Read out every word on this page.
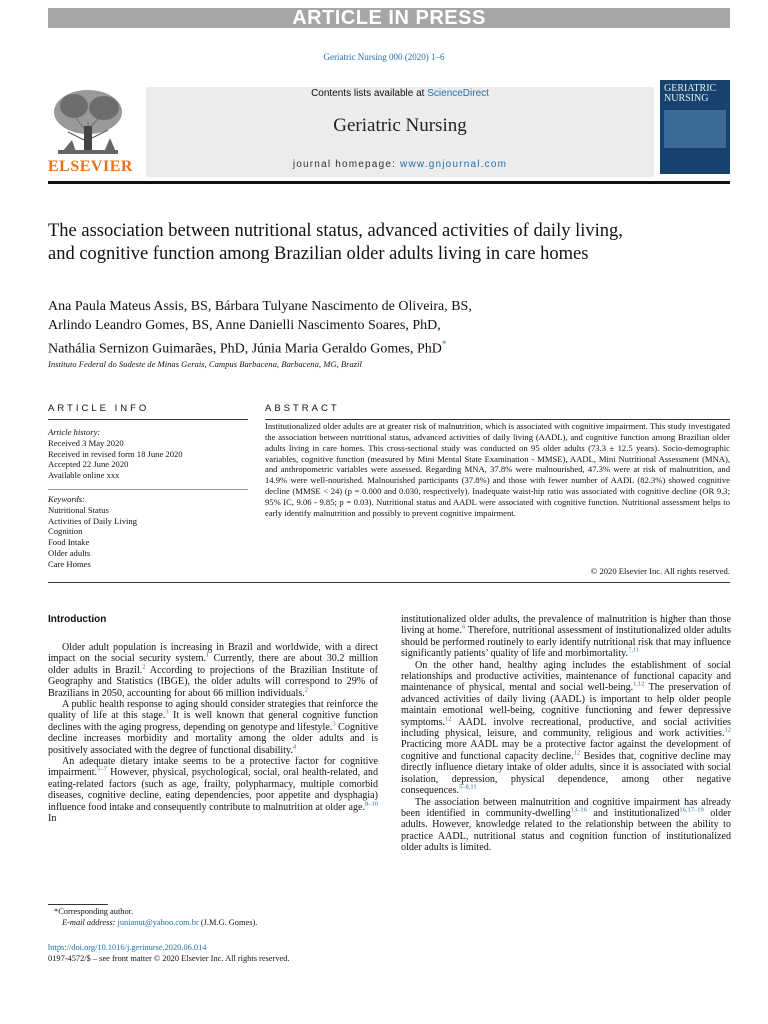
ARTICLE IN PRESS
Geriatric Nursing 000 (2020) 1–6
ELSEVIER
Contents lists available at ScienceDirect
Geriatric Nursing
journal homepage: www.gnjournal.com
GERIATRIC NURSING
The association between nutritional status, advanced activities of daily living, and cognitive function among Brazilian older adults living in care homes
Ana Paula Mateus Assis, BS, Bárbara Tulyane Nascimento de Oliveira, BS,
Arlindo Leandro Gomes, BS, Anne Danielli Nascimento Soares, PhD,
Nathália Sernizon Guimarães, PhD, Júnia Maria Geraldo Gomes, PhD*
Instituto Federal do Sudeste de Minas Gerais, Campus Barbacena, Barbacena, MG, Brazil
ARTICLE INFO	ABSTRACT
Article history:
Received 3 May 2020
Received in revised form 18 June 2020
Accepted 22 June 2020
Available online xxx
Keywords:
Nutritional Status
Activities of Daily Living
Cognition
Food Intake
Older adults
Care Homes
Institutionalized older adults are at greater risk of malnutrition, which is associated with cognitive impairment. This study investigated the association between nutritional status, advanced activities of daily living (AADL), and cognitive function among Brazilian older adults living in care homes. This cross-sectional study was conducted on 95 older adults (73.3 ± 12.5 years). Socio-demographic variables, cognitive function (measured by Mini Mental State Examination - MMSE), AADL, Mini Nutritional Assessment (MNA), and anthropometric variables were assessed. Regarding MNA, 37.8% were malnourished, 47.3% were at risk of malnutrition, and 14.9% were well-nourished. Malnourished participants (37.8%) and those with fewer number of AADL (82.3%) showed cognitive decline (MMSE < 24) (p = 0.000 and 0.030, respectively). Inadequate waist-hip ratio was associated with cognitive decline (OR 9.3; 95% IC, 9.06 - 9.85; p = 0.03). Nutritional status and AADL were associated with cognitive function. Nutritional assessment helps to early identify malnutrition and possibly to prevent cognitive impairment.
© 2020 Elsevier Inc. All rights reserved.
Introduction

Older adult population is increasing in Brazil and worldwide, with a direct impact on the social security system.$^1$ Currently, there are about 30.2 million older adults in Brazil.$^2$ According to projections of the Brazilian Institute of Geography and Statistics (IBGE), the older adults will correspond to 29% of Brazilians in 2050, accounting for about 66 million individuals.$^2$

A public health response to aging should consider strategies that reinforce the quality of life at this stage.$^3$ It is well known that general cognitive function declines with the aging progress, depending on genotype and lifestyle.$^3$ Cognitive decline increases morbidity and mortality among the older adults and is positively associated with the degree of functional disability.$^4$

An adequate dietary intake seems to be a protective factor for cognitive impairment.$^{5-7}$ However, physical, psychological, social, oral health-related, and eating-related factors (such as age, frailty, polypharmacy, multiple comorbid diseases, cognitive decline, eating dependencies, poor appetite and dysphagia) influence food intake and consequently contribute to malnutrition at older age.$^{8-10}$ In

institutionalized older adults, the prevalence of malnutrition is higher than those living at home.$^6$ Therefore, nutritional assessment of institutionalized older adults should be performed routinely to early identify nutritional risk that may influence significantly patients’ quality of life and morbimortality.$^{7,11}$

On the other hand, healthy aging includes the establishment of social relationships and productive activities, maintenance of functional capacity and maintenance of physical, mental and social well-being.$^{1,12}$ The preservation of advanced activities of daily living (AADL) is important to help older people maintain emotional well-being, cognitive functioning and fewer depressive symptoms.$^{12}$ AADL involve recreational, productive, and social activities including physical, leisure, and community, religious and work activities.$^{12}$ Practicing more AADL may be a protective factor against the development of cognitive and functional capacity decline.$^{12}$ Besides that, cognitive decline may directly influence dietary intake of older adults, since it is associated with social isolation, depression, physical dependence, among other negative consequences.$^{5-8,11}$

The association between malnutrition and cognitive impairment has already been identified in community-dwelling$^{13-16}$ and institutionalized$^{16,17-19}$ older adults. However, knowledge related to the relationship between the ability to practice AADL, nutritional status and cognition function of institutionalized older adults is limited.

*Corresponding author.
E-mail address: junianut@yahoo.com.br (J.M.G. Gomes).
https://doi.org/10.1016/j.gerinurse.2020.06.014
0197-4572/$ – see front matter © 2020 Elsevier Inc. All rights reserved.
